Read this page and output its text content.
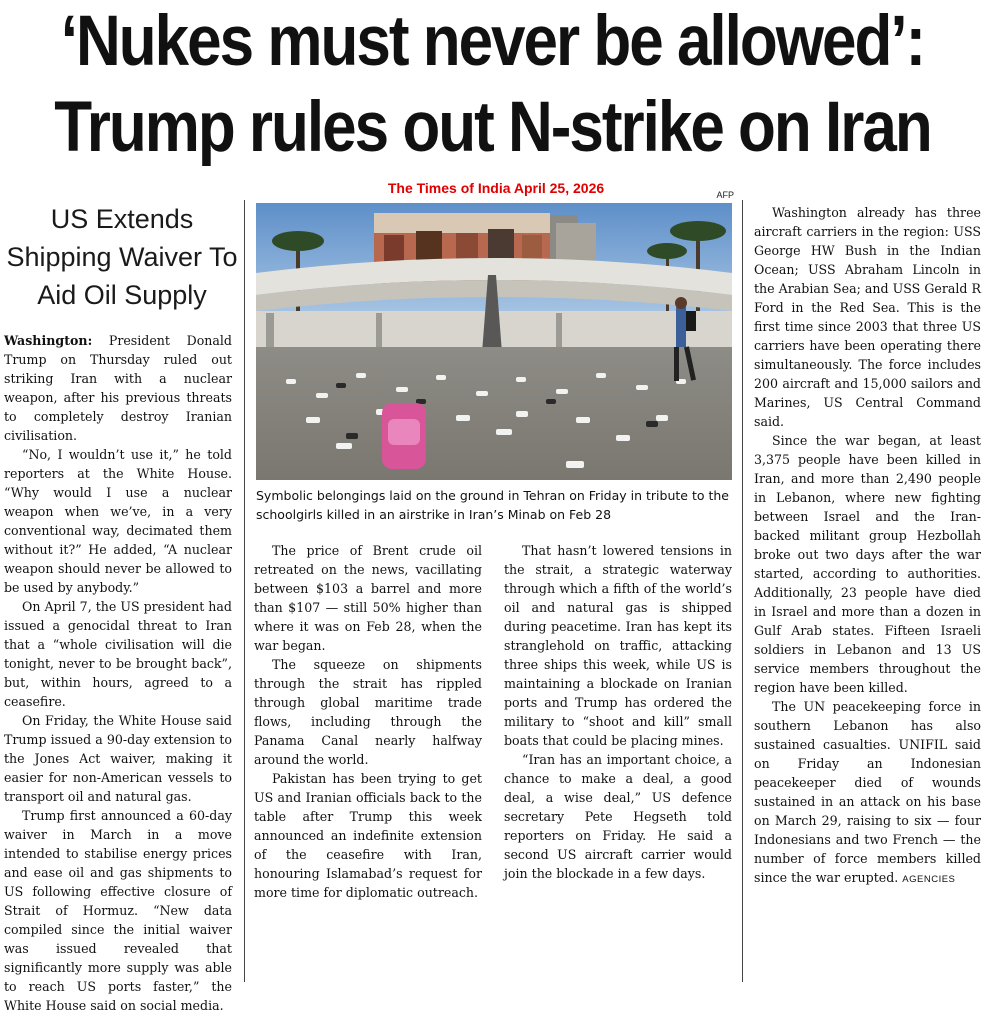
‘Nukes must never be allowed’:
Trump rules out N-strike on Iran
The Times of India April 25, 2026	AFP
US Extends Shipping Waiver To Aid Oil Supply
Symbolic belongings laid on the ground in Tehran on Friday in tribute to the schoolgirls killed in an airstrike in Iran’s Minab on Feb 28

Washington: President Donald Trump on Thursday ruled out striking Iran with a nuclear weapon, after his previous threats to completely destroy Iranian civilisation.

“No, I wouldn’t use it,” he told reporters at the White House. “Why would I use a nuclear weapon when we’ve, in a very conventional way, decimated them without it?” He added, “A nuclear weapon should never be allowed to be used by anybody.”

On April 7, the US president had issued a genocidal threat to Iran that a “whole civilisation will die tonight, never to be brought back”, but, within hours, agreed to a ceasefire.

On Friday, the White House said Trump issued a 90-day extension to the Jones Act waiver, making it easier for non-American vessels to transport oil and natural gas.

Trump first announced a 60-day waiver in March in a move intended to stabilise energy prices and ease oil and gas shipments to US following effective closure of Strait of Hormuz. “New data compiled since the initial waiver was issued revealed that significantly more supply was able to reach US ports faster,” the White House said on social media.

The price of Brent crude oil retreated on the news, vacillating between $103 a barrel and more than $107 — still 50% higher than where it was on Feb 28, when the war began.

The squeeze on shipments through the strait has rippled through global maritime trade flows, including through the Panama Canal nearly halfway around the world.

Pakistan has been trying to get US and Iranian officials back to the table after Trump this week announced an indefinite extension of the ceasefire with Iran, honouring Islamabad’s request for more time for diplomatic outreach.

That hasn’t lowered tensions in the strait, a strategic waterway through which a fifth of the world’s oil and natural gas is shipped during peacetime. Iran has kept its stranglehold on traffic, attacking three ships this week, while US is maintaining a blockade on Iranian ports and Trump has ordered the military to “shoot and kill” small boats that could be placing mines.

“Iran has an important choice, a chance to make a deal, a good deal, a wise deal,” US defence secretary Pete Hegseth told reporters on Friday. He said a second US aircraft carrier would join the blockade in a few days.

Washington already has three aircraft carriers in the region: USS George HW Bush in the Indian Ocean; USS Abraham Lincoln in the Arabian Sea; and USS Gerald R Ford in the Red Sea. This is the first time since 2003 that three US carriers have been operating there simultaneously. The force includes 200 aircraft and 15,000 sailors and Marines, US Central Command said.

Since the war began, at least 3,375 people have been killed in Iran, and more than 2,490 people in Lebanon, where new fighting between Israel and the Iran-backed militant group Hezbollah broke out two days after the war started, according to authorities. Additionally, 23 people have died in Israel and more than a dozen in Gulf Arab states. Fifteen Israeli soldiers in Lebanon and 13 US service members throughout the region have been killed.

The UN peacekeeping force in southern Lebanon has also sustained casualties. UNIFIL said on Friday an Indonesian peacekeeper died of wounds sustained in an attack on his base on March 29, raising to six — four Indonesians and two French — the number of force members killed since the war erupted. AGENCIES
